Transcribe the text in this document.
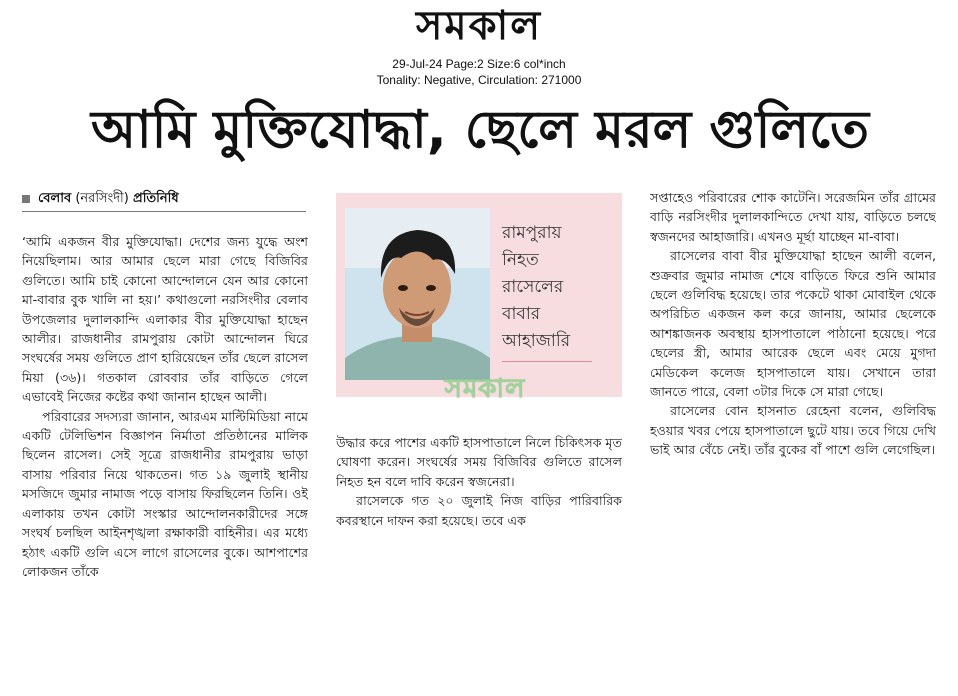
সমকাল
29-Jul-24 Page:2 Size:6 col*inch
Tonality: Negative, Circulation: 271000
আমি মুক্তিযোদ্ধা, ছেলে মরল গুলিতে
বেলাব (নরসিংদী) প্রতিনিধি

‘আমি একজন বীর মুক্তিযোদ্ধা। দেশের জন্য যুদ্ধে অংশ নিয়েছিলাম। আর আমার ছেলে মারা গেছে বিজিবির গুলিতে। আমি চাই কোনো আন্দোলনে যেন আর কোনো মা-বাবার বুক খালি না হয়।’ কথাগুলো নরসিংদীর বেলাব উপজেলার দুলালকান্দি এলাকার বীর মুক্তিযোদ্ধা হাছেন আলীর। রাজধানীর রামপুরায় কোটা আন্দোলন ঘিরে সংঘর্ষের সময় গুলিতে প্রাণ হারিয়েছেন তাঁর ছেলে রাসেল মিয়া (৩৬)। গতকাল রোববার তাঁর বাড়িতে গেলে এভাবেই নিজের কষ্টের কথা জানান হাছেন আলী।

পরিবারের সদস্যরা জানান, আরএম মাল্টিমিডিয়া নামে একটি টেলিভিশন বিজ্ঞাপন নির্মাতা প্রতিষ্ঠানের মালিক ছিলেন রাসেল। সেই সূত্রে রাজধানীর রামপুরায় ভাড়া বাসায় পরিবার নিয়ে থাকতেন। গত ১৯ জুলাই স্থানীয় মসজিদে জুমার নামাজ পড়ে বাসায় ফিরছিলেন তিনি। ওই এলাকায় তখন কোটা সংস্কার আন্দোলনকারীদের সঙ্গে সংঘর্ষ চলছিল আইনশৃঙ্খলা রক্ষাকারী বাহিনীর। এর মধ্যে হঠাৎ একটি গুলি এসে লাগে রাসেলের বুকে। আশপাশের লোকজন তাঁকে

রামপুরায়
নিহত
রাসেলের
বাবার
আহাজারি
সমকাল

উদ্ধার করে পাশের একটি হাসপাতালে নিলে চিকিৎসক মৃত ঘোষণা করেন। সংঘর্ষের সময় বিজিবির গুলিতে রাসেল নিহত হন বলে দাবি করেন স্বজনেরা।

রাসেলকে গত ২০ জুলাই নিজ বাড়ির পারিবারিক কবরস্থানে দাফন করা হয়েছে। তবে এক

সপ্তাহেও পরিবারের শোক কাটেনি। সরেজমিন তাঁর গ্রামের বাড়ি নরসিংদীর দুলালকান্দিতে দেখা যায়, বাড়িতে চলছে স্বজনদের আহাজারি। এখনও মূর্ছা যাচ্ছেন মা-বাবা।

রাসেলের বাবা বীর মুক্তিযোদ্ধা হাছেন আলী বলেন, শুক্রবার জুমার নামাজ শেষে বাড়িতে ফিরে শুনি আমার ছেলে গুলিবিদ্ধ হয়েছে। তার পকেটে থাকা মোবাইল থেকে অপরিচিত একজন কল করে জানায়, আমার ছেলেকে আশঙ্কাজনক অবস্থায় হাসপাতালে পাঠানো হয়েছে। পরে ছেলের স্ত্রী, আমার আরেক ছেলে এবং মেয়ে মুগদা মেডিকেল কলেজ হাসপাতালে যায়। সেখানে তারা জানতে পারে, বেলা ৩টার দিকে সে মারা গেছে।

রাসেলের বোন হাসনাত রেহেনা বলেন, গুলিবিদ্ধ হওয়ার খবর পেয়ে হাসপাতালে ছুটে যায়। তবে গিয়ে দেখি ভাই আর বেঁচে নেই। তাঁর বুকের বাঁ পাশে গুলি লেগেছিল।
